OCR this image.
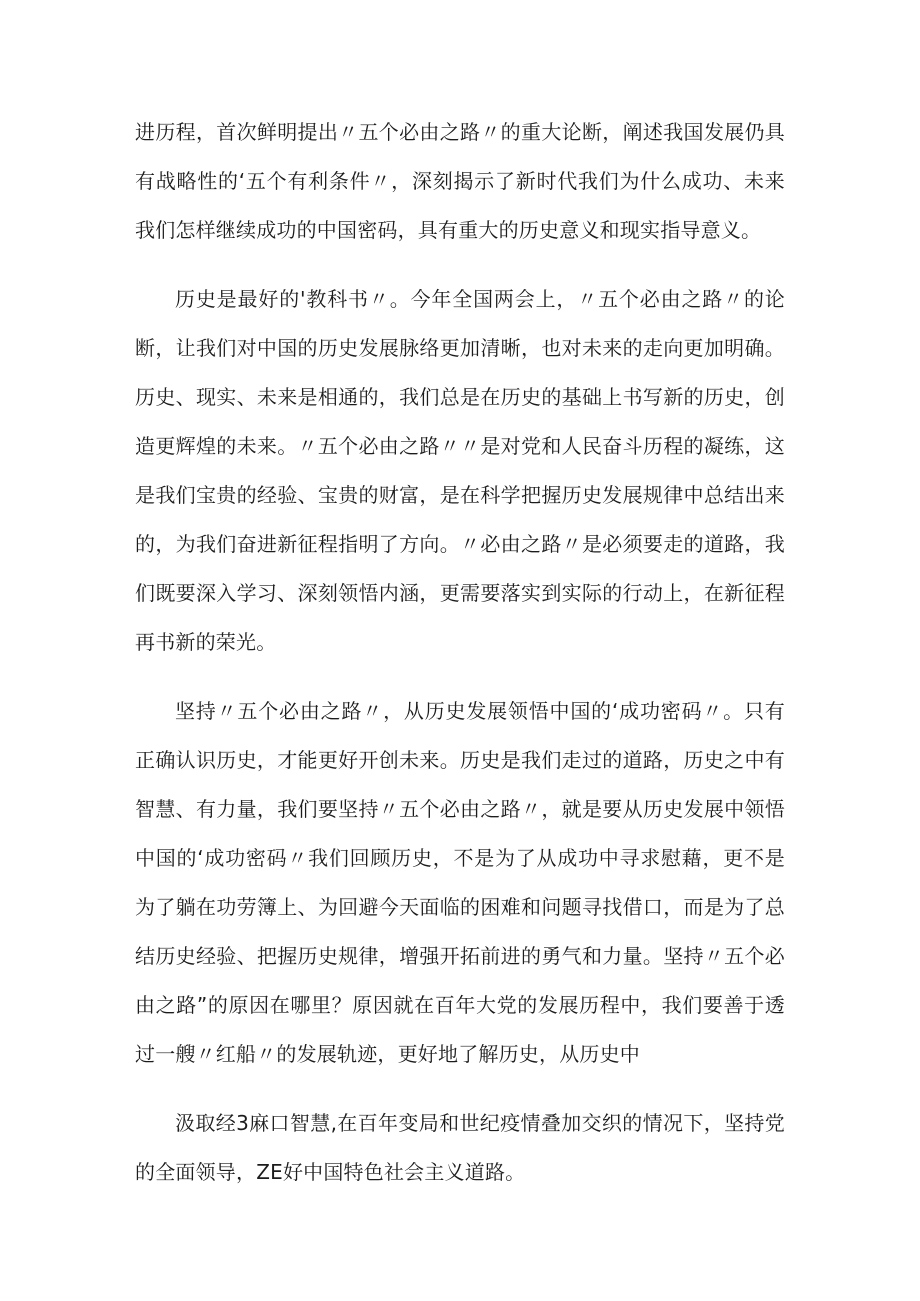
进历程，首次鲜明提出〃五个必由之路〃的重大论断，阐述我国发展仍具有战略性的‘五个有利条件〃，深刻揭示了新时代我们为什么成功、未来我们怎样继续成功的中国密码，具有重大的历史意义和现实指导意义。

历史是最好的'教科书〃。今年全国两会上，〃五个必由之路〃的论断，让我们对中国的历史发展脉络更加清晰，也对未来的走向更加明确。历史、现实、未来是相通的，我们总是在历史的基础上书写新的历史，创造更辉煌的未来。〃五个必由之路〃〃是对党和人民奋斗历程的凝练，这是我们宝贵的经验、宝贵的财富，是在科学把握历史发展规律中总结出来的，为我们奋进新征程指明了方向。〃必由之路〃是必须要走的道路，我们既要深入学习、深刻领悟内涵，更需要落实到实际的行动上，在新征程再书新的荣光。

坚持〃五个必由之路〃，从历史发展领悟中国的‘成功密码〃。只有正确认识历史，才能更好开创未来。历史是我们走过的道路，历史之中有智慧、有力量，我们要坚持〃五个必由之路〃，就是要从历史发展中领悟中国的‘成功密码〃我们回顾历史，不是为了从成功中寻求慰藉，更不是为了躺在功劳簿上、为回避今天面临的困难和问题寻找借口，而是为了总结历史经验、把握历史规律，增强开拓前进的勇气和力量。坚持〃五个必由之路”的原因在哪里？原因就在百年大党的发展历程中，我们要善于透过一艘〃红船〃的发展轨迹，更好地了解历史，从历史中

汲取经3麻口智慧,在百年变局和世纪疫情叠加交织的情况下，坚持党的全面领导，ZE好中国特色社会主义道路。
